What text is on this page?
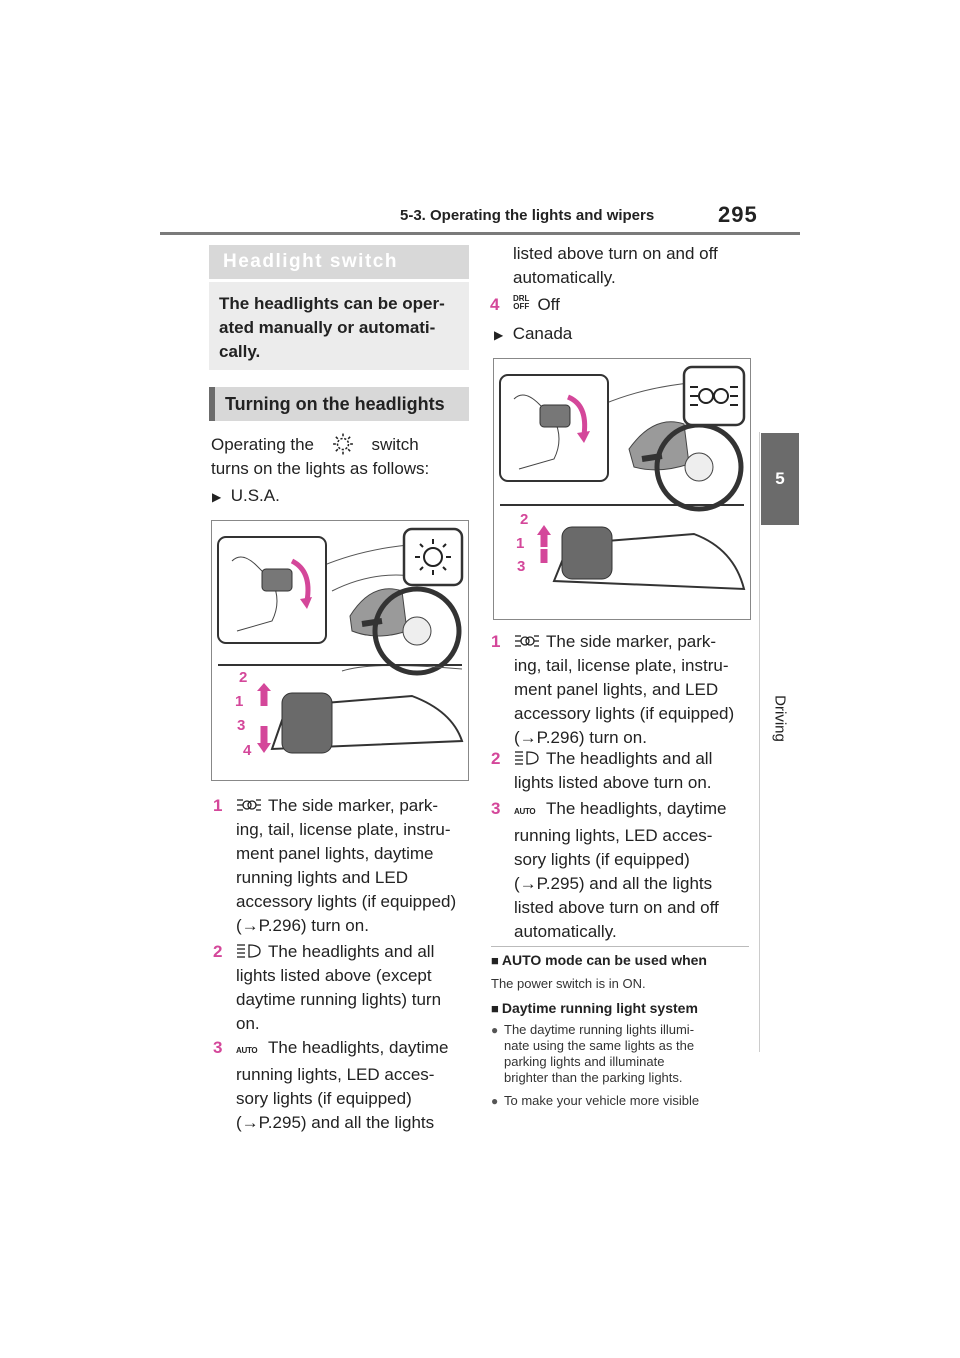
5-3. Operating the lights and wipers	295
5
Driving
Headlight switch
The headlights can be oper-
ated manually or automati-
cally.
Turning on the headlights
Operating the	switch
turns on the lights as follows:
▶ U.S.A.
2
1
3
4
1	The side marker, park-
ing, tail, license plate, instru-
ment panel lights, daytime
running lights and LED
accessory lights (if equipped)
(→P.296) turn on.
2	The headlights and all
lights listed above (except
daytime running lights) turn
on.
3	AUTO The headlights, daytime
running lights, LED acces-
sory lights (if equipped)
(→P.295) and all the lights
listed above turn on and off
automatically.
4	DRL
OFF Off
▶ Canada
2
1
3
1	The side marker, park-
ing, tail, license plate, instru-
ment panel lights, and LED
accessory lights (if equipped)
(→P.296) turn on.
2	The headlights and all
lights listed above turn on.
3	AUTO The headlights, daytime
running lights, LED acces-
sory lights (if equipped)
(→P.295) and all the lights
listed above turn on and off
automatically.
■ AUTO mode can be used when
The power switch is in ON.
■ Daytime running light system
● The daytime running lights illumi-
nate using the same lights as the
parking lights and illuminate
brighter than the parking lights.
● To make your vehicle more visible
